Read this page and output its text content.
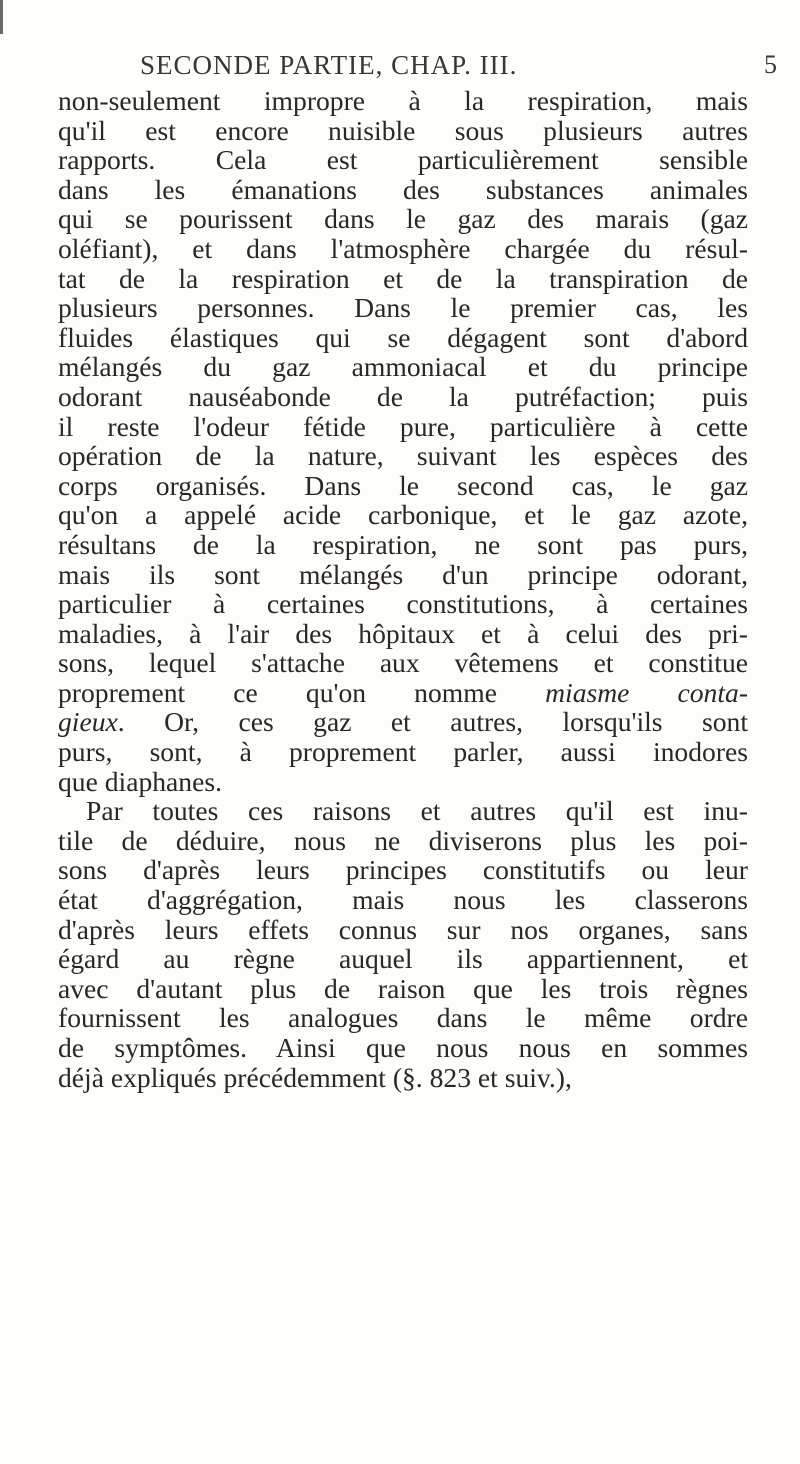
SECONDE PARTIE, CHAP. III.	5
non-seulement impropre à la respiration, mais
qu'il est encore nuisible sous plusieurs autres
rapports. Cela est particulièrement sensible
dans les émanations des substances animales
qui se pourissent dans le gaz des marais (gaz
oléfiant), et dans l'atmosphère chargée du résul-
tat de la respiration et de la transpiration de
plusieurs personnes. Dans le premier cas, les
fluides élastiques qui se dégagent sont d'abord
mélangés du gaz ammoniacal et du principe
odorant nauséabonde de la putréfaction; puis
il reste l'odeur fétide pure, particulière à cette
opération de la nature, suivant les espèces des
corps organisés. Dans le second cas, le gaz
qu'on a appelé acide carbonique, et le gaz azote,
résultans de la respiration, ne sont pas purs,
mais ils sont mélangés d'un principe odorant,
particulier à certaines constitutions, à certaines
maladies, à l'air des hôpitaux et à celui des pri-
sons, lequel s'attache aux vêtemens et constitue
proprement ce qu'on nomme miasme conta-
gieux. Or, ces gaz et autres, lorsqu'ils sont
purs, sont, à proprement parler, aussi inodores
que diaphanes.
Par toutes ces raisons et autres qu'il est inu-
tile de déduire, nous ne diviserons plus les poi-
sons d'après leurs principes constitutifs ou leur
état d'aggrégation, mais nous les classerons
d'après leurs effets connus sur nos organes, sans
égard au règne auquel ils appartiennent, et
avec d'autant plus de raison que les trois règnes
fournissent les analogues dans le même ordre
de symptômes. Ainsi que nous nous en sommes
déjà expliqués précédemment (§. 823 et suiv.),
